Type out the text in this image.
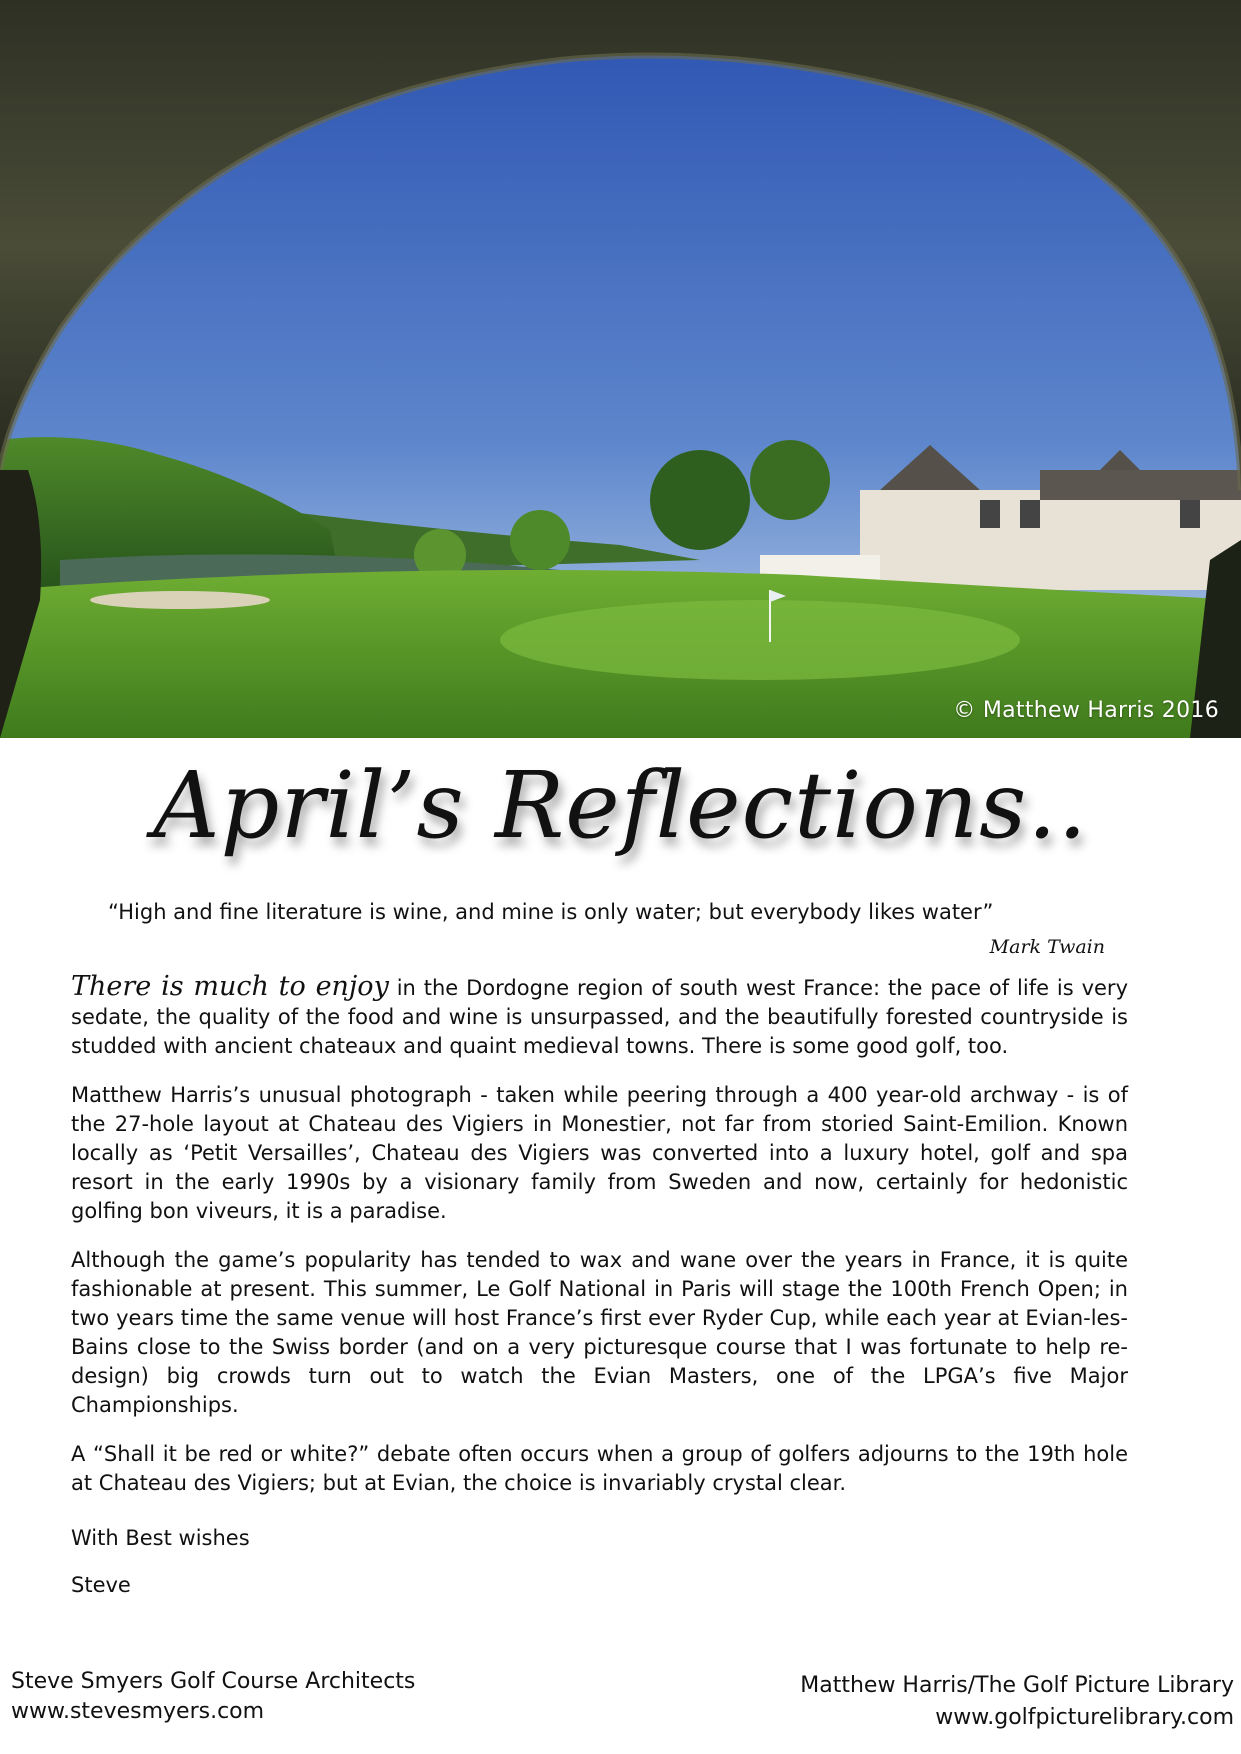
© Matthew Harris 2016
April’s Reflections..
“High and fine literature is wine, and mine is only water; but everybody likes water”
Mark Twain

There is much to enjoy in the Dordogne region of south west France: the pace of life is very sedate, the quality of the food and wine is unsurpassed, and the beautifully forested countryside is studded with ancient chateaux and quaint medieval towns. There is some good golf, too.

Matthew Harris’s unusual photograph - taken while peering through a 400 year-old archway - is of the 27-hole layout at Chateau des Vigiers in Monestier, not far from storied Saint-Emilion. Known locally as ‘Petit Versailles’, Chateau des Vigiers was converted into a luxury hotel, golf and spa resort in the early 1990s by a visionary family from Sweden and now, certainly for hedonistic golfing bon viveurs, it is a paradise.

Although the game’s popularity has tended to wax and wane over the years in France, it is quite fashionable at present. This summer, Le Golf National in Paris will stage the 100th French Open; in two years time the same venue will host France’s first ever Ryder Cup, while each year at Evian-les-Bains close to the Swiss border (and on a very picturesque course that I was fortunate to help re-design) big crowds turn out to watch the Evian Masters, one of the LPGA’s five Major Championships.

A “Shall it be red or white?” debate often occurs when a group of golfers adjourns to the 19th hole at Chateau des Vigiers; but at Evian, the choice is invariably crystal clear.

With Best wishes
Steve
Steve Smyers Golf Course Architects
www.stevesmyers.com
Matthew Harris/The Golf Picture Library
www.golfpicturelibrary.com
